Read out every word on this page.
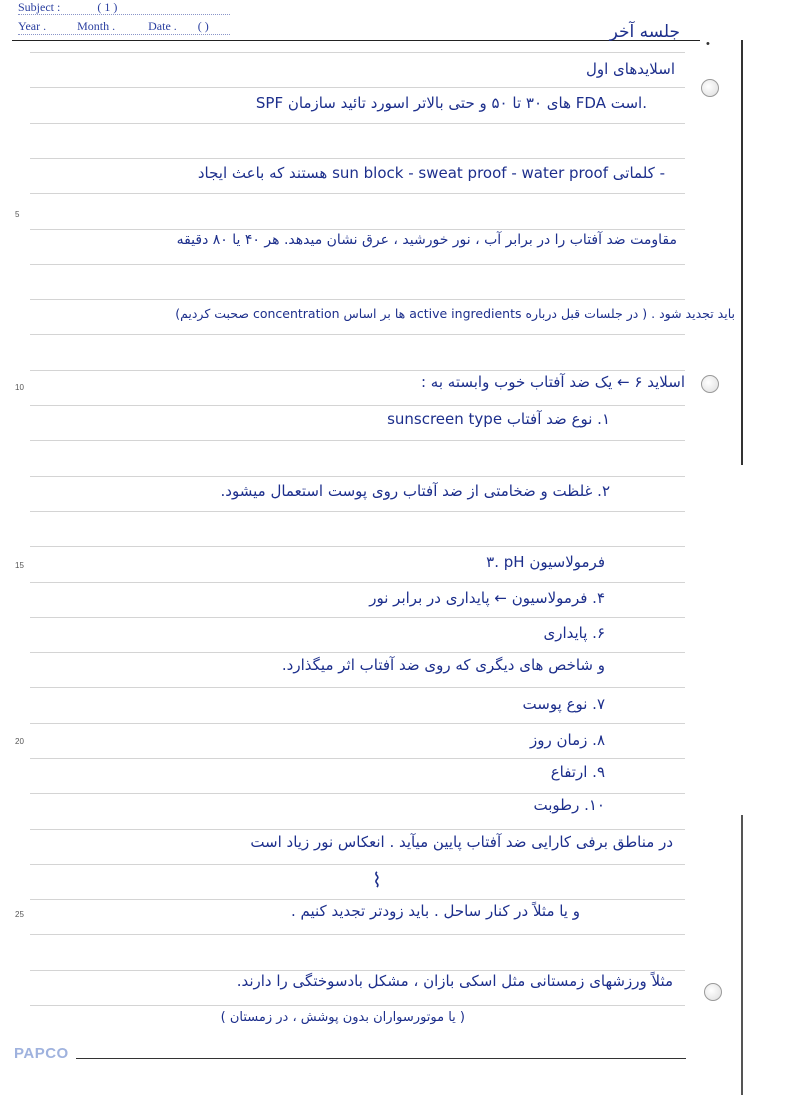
Subject :	( 1 )
Year .	Month .	Date . ( )
5
10
15
20
25
•
جلسه آخر
اسلایدهای اول
SPF های ۳۰ تا ۵۰ و حتی بالاتر اسورد تائید سازمان FDA است.
- کلماتی sun block - sweat proof - water proof هستند که باعث ایجاد
مقاومت ضد آفتاب را در برابر آب ، نور خورشید ، عرق نشان میدهد. هر ۴۰ یا ۸۰ دقیقه
باید تجدید شود . ( در جلسات قبل درباره active ingredients ها بر اساس concentration صحبت کردیم)
اسلاید ۶ ← یک ضد آفتاب خوب وابسته به :
۱. نوع ضد آفتاب sunscreen type
۲. غلظت و ضخامتی از ضد آفتاب روی پوست استعمال میشود.
۳. pH فرمولاسیون
۴. فرمولاسیون ← پایداری در برابر نور
۶. پایداری
و شاخص های دیگری که روی ضد آفتاب اثر میگذارد.
۷. نوع پوست
۸. زمان روز
۹. ارتفاع
۱۰. رطوبت
در مناطق برفی کارایی ضد آفتاب پایین میآید . انعکاس نور زیاد است
⌇
و یا مثلاً در کنار ساحل . باید زودتر تجدید کنیم .
مثلاً ورزشهای زمستانی مثل اسکی بازان ، مشکل بادسوختگی را دارند.
( یا موتورسواران بدون پوشش ، در زمستان )
PAPCO
